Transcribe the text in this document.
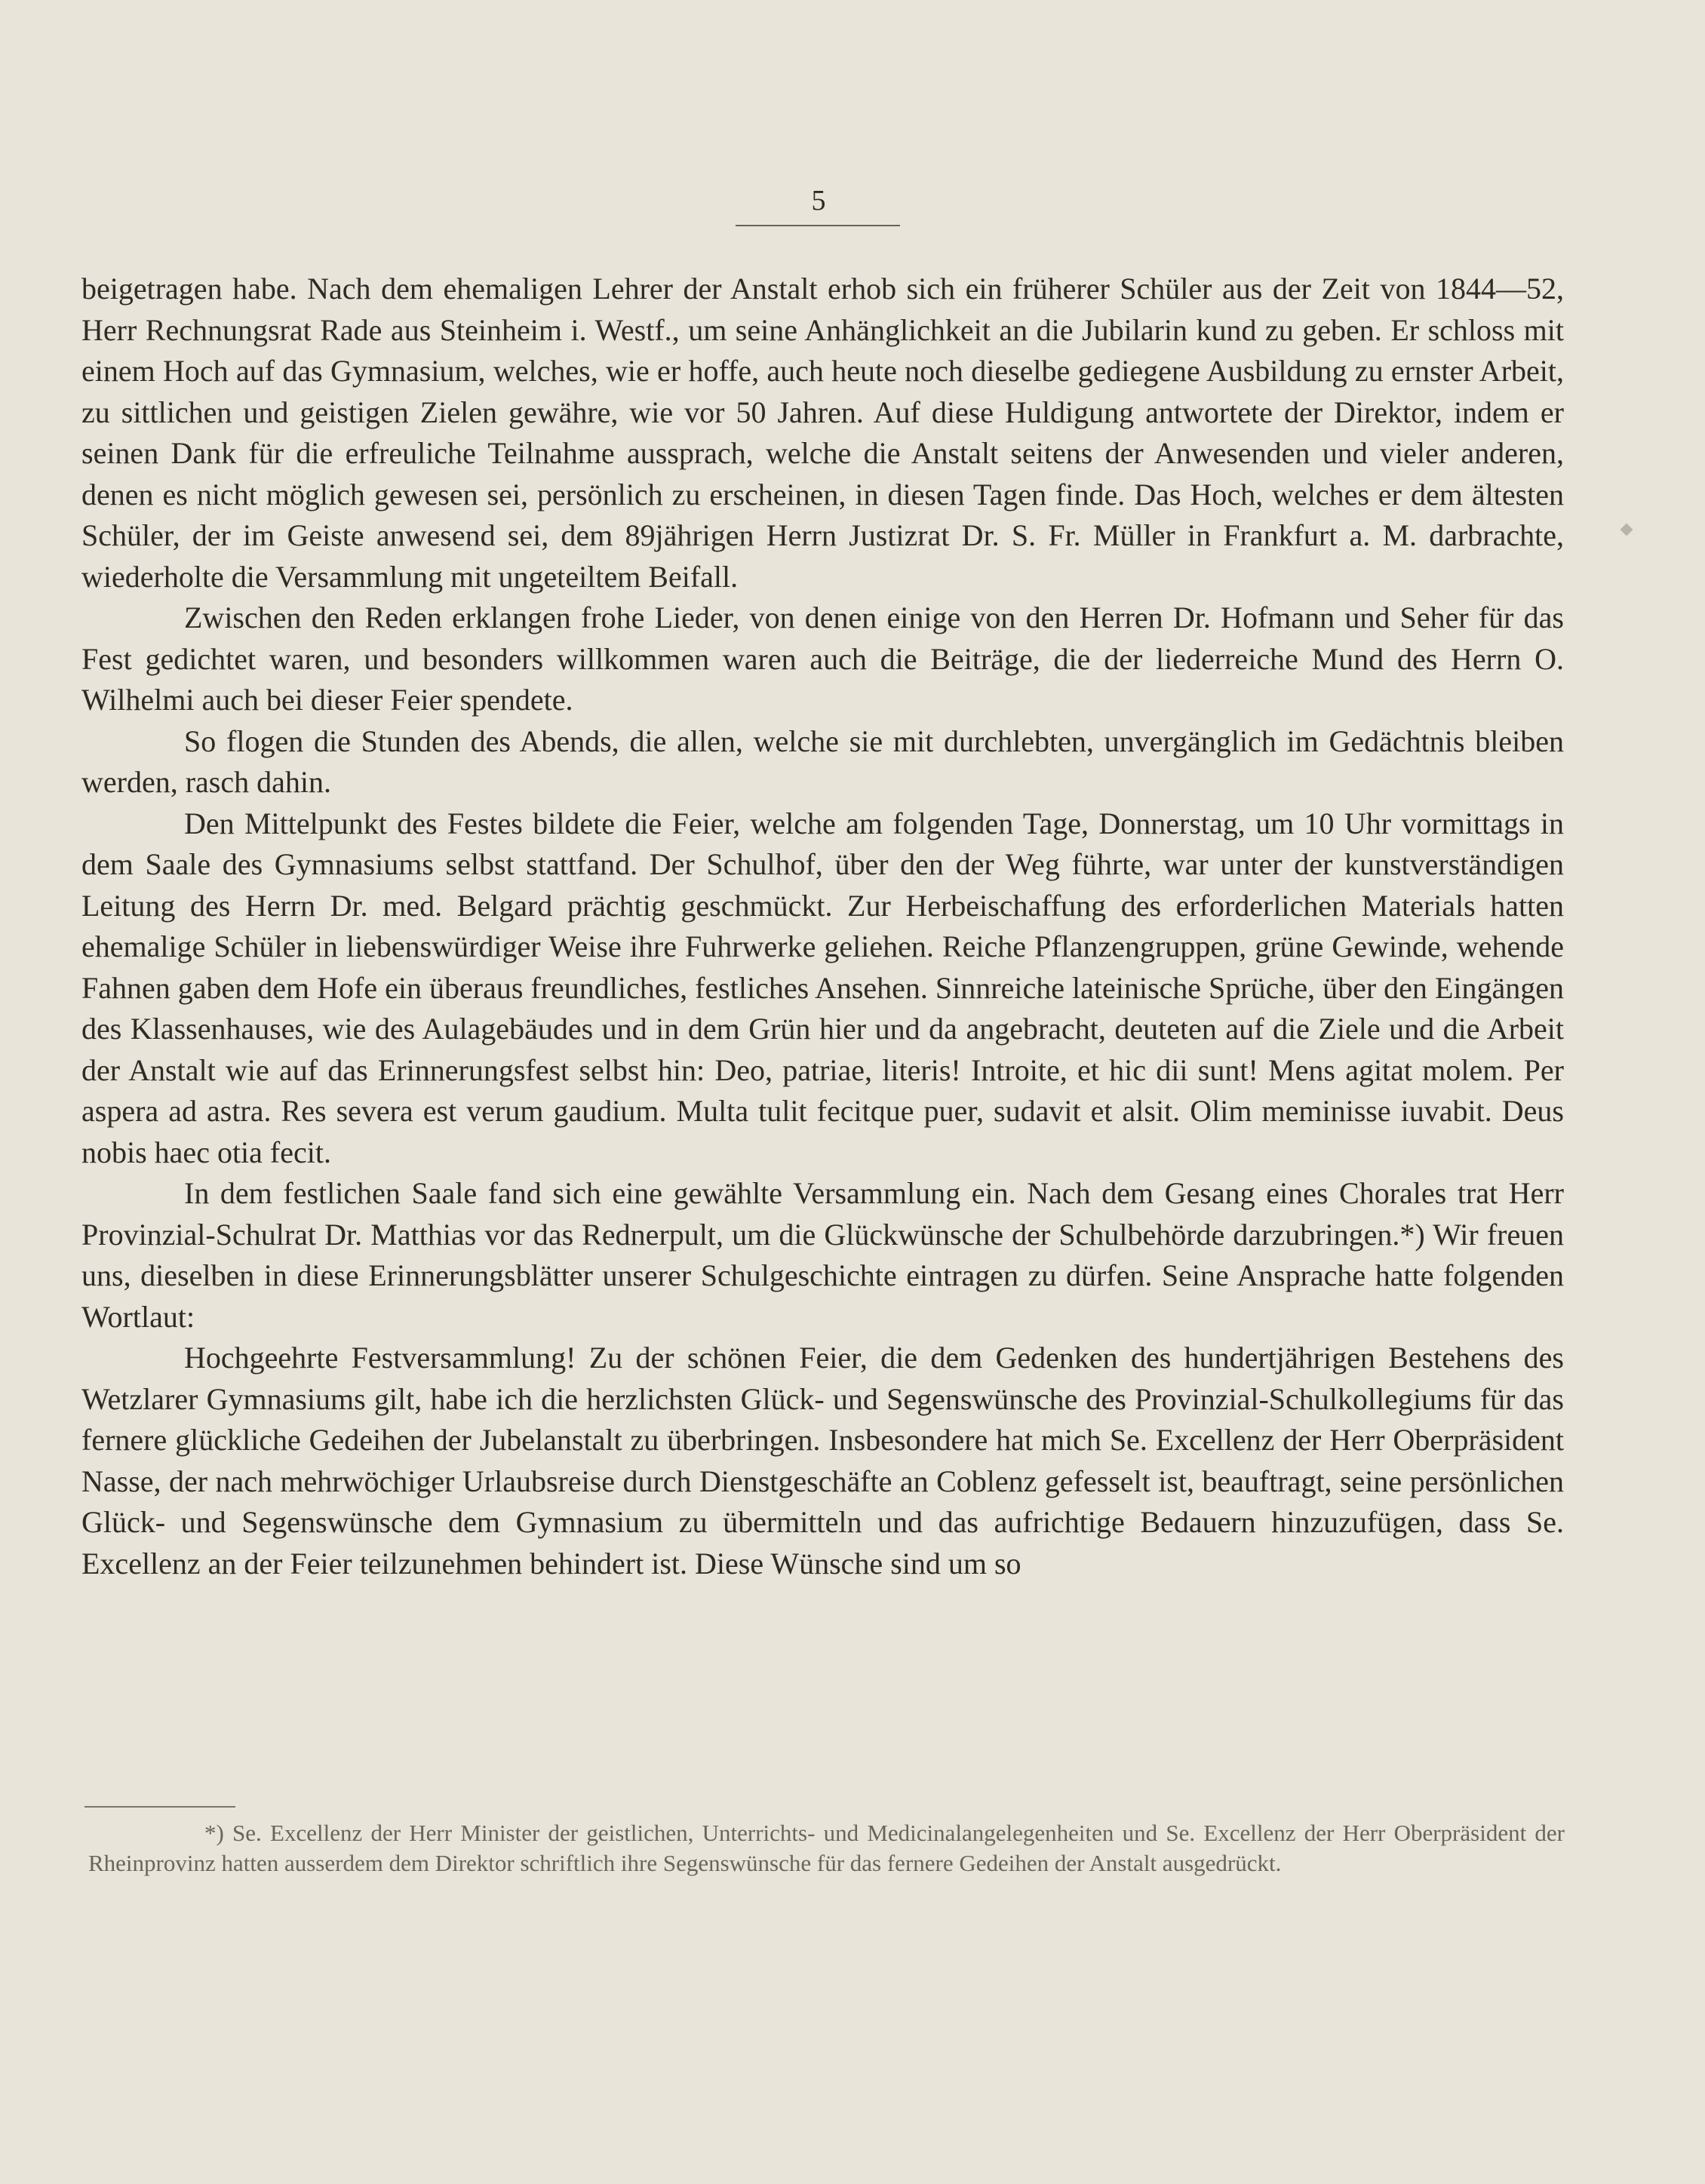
5

beigetragen habe. Nach dem ehemaligen Lehrer der Anstalt erhob sich ein früherer Schüler aus der Zeit von 1844—52, Herr Rechnungsrat Rade aus Steinheim i. Westf., um seine Anhänglichkeit an die Jubilarin kund zu geben. Er schloss mit einem Hoch auf das Gymnasium, welches, wie er hoffe, auch heute noch dieselbe gediegene Ausbildung zu ernster Arbeit, zu sittlichen und geistigen Zielen gewähre, wie vor 50 Jahren. Auf diese Huldigung antwortete der Direktor, indem er seinen Dank für die erfreuliche Teilnahme aussprach, welche die Anstalt seitens der Anwesenden und vieler anderen, denen es nicht möglich gewesen sei, persönlich zu erscheinen, in diesen Tagen finde. Das Hoch, welches er dem ältesten Schüler, der im Geiste anwesend sei, dem 89jährigen Herrn Justizrat Dr. S. Fr. Müller in Frankfurt a. M. darbrachte, wiederholte die Versammlung mit ungeteiltem Beifall.

Zwischen den Reden erklangen frohe Lieder, von denen einige von den Herren Dr. Hofmann und Seher für das Fest gedichtet waren, und besonders willkommen waren auch die Beiträge, die der liederreiche Mund des Herrn O. Wilhelmi auch bei dieser Feier spendete.

So flogen die Stunden des Abends, die allen, welche sie mit durchlebten, unvergänglich im Gedächtnis bleiben werden, rasch dahin.

Den Mittelpunkt des Festes bildete die Feier, welche am folgenden Tage, Donnerstag, um 10 Uhr vormittags in dem Saale des Gymnasiums selbst stattfand. Der Schulhof, über den der Weg führte, war unter der kunstverständigen Leitung des Herrn Dr. med. Belgard prächtig geschmückt. Zur Herbeischaffung des erforderlichen Materials hatten ehemalige Schüler in liebenswürdiger Weise ihre Fuhrwerke geliehen. Reiche Pflanzengruppen, grüne Gewinde, wehende Fahnen gaben dem Hofe ein überaus freundliches, festliches Ansehen. Sinnreiche lateinische Sprüche, über den Eingängen des Klassenhauses, wie des Aulagebäudes und in dem Grün hier und da angebracht, deuteten auf die Ziele und die Arbeit der Anstalt wie auf das Erinnerungsfest selbst hin: Deo, patriae, literis! Introite, et hic dii sunt! Mens agitat molem. Per aspera ad astra. Res severa est verum gaudium. Multa tulit fecitque puer, sudavit et alsit. Olim meminisse iuvabit. Deus nobis haec otia fecit.

In dem festlichen Saale fand sich eine gewählte Versammlung ein. Nach dem Gesang eines Chorales trat Herr Provinzial-Schulrat Dr. Matthias vor das Rednerpult, um die Glückwünsche der Schulbehörde darzubringen.*) Wir freuen uns, dieselben in diese Erinnerungsblätter unserer Schulgeschichte eintragen zu dürfen. Seine Ansprache hatte folgenden Wortlaut:

Hochgeehrte Festversammlung! Zu der schönen Feier, die dem Gedenken des hundertjährigen Bestehens des Wetzlarer Gymnasiums gilt, habe ich die herzlichsten Glück- und Segenswünsche des Provinzial-Schulkollegiums für das fernere glückliche Gedeihen der Jubelanstalt zu überbringen. Insbesondere hat mich Se. Excellenz der Herr Oberpräsident Nasse, der nach mehrwöchiger Urlaubsreise durch Dienstgeschäfte an Coblenz gefesselt ist, beauftragt, seine persönlichen Glück- und Segenswünsche dem Gymnasium zu übermitteln und das aufrichtige Bedauern hinzuzufügen, dass Se. Excellenz an der Feier teilzunehmen behindert ist. Diese Wünsche sind um so

*) Se. Excellenz der Herr Minister der geistlichen, Unterrichts- und Medicinalangelegenheiten und Se. Excellenz der Herr Oberpräsident der Rheinprovinz hatten ausserdem dem Direktor schriftlich ihre Segenswünsche für das fernere Gedeihen der Anstalt ausgedrückt.
